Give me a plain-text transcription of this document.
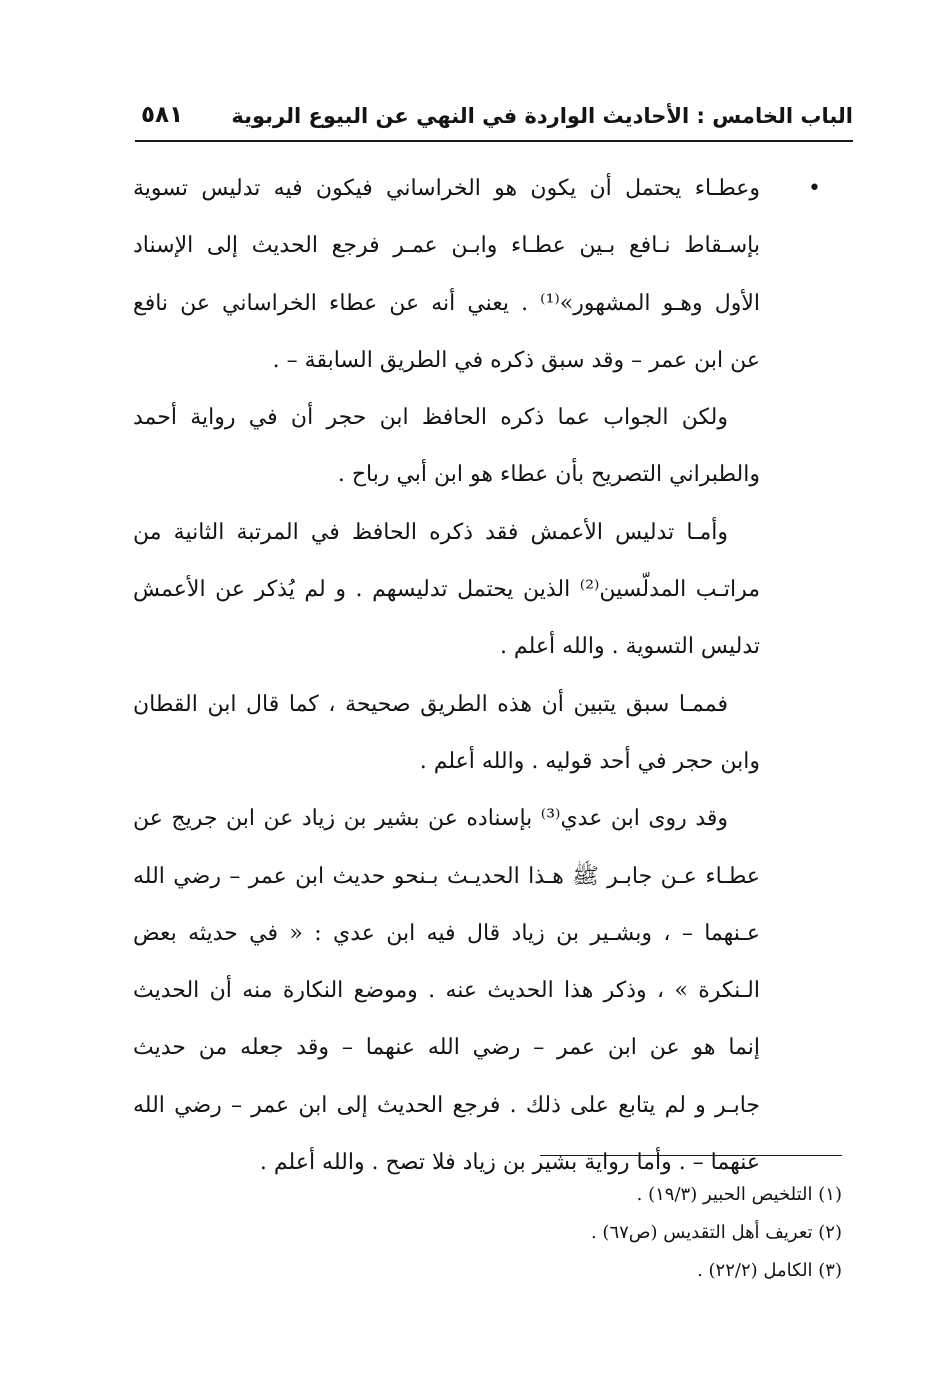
الباب الخامس : الأحاديث الواردة في النهي عن البيوع الربوية
٥٨١
•
وعطـاء يحتمل أن يكون هو الخراساني فيكون فيه تدليس تسوية
بإسـقاط نـافع بـين عطـاء وابـن عمـر فرجع الحديث إلى الإسناد
الأول وهـو المشهور»⁽¹⁾ . يعني أنه عن عطاء الخراساني عن نافع
عن ابن عمر – وقد سبق ذكره في الطريق السابقة – .
ولكن الجواب عما ذكره الحافظ ابن حجر أن في رواية أحمد
والطبراني التصريح بأن عطاء هو ابن أبي رباح .
وأمـا تدليس الأعمش فقد ذكره الحافظ في المرتبة الثانية من
مراتـب المدلّسين⁽²⁾ الذين يحتمل تدليسهم . و لم يُذكر عن الأعمش
تدليس التسوية . والله أعلم .
فممـا سبق يتبين أن هذه الطريق صحيحة ، كما قال ابن القطان
وابن حجر في أحد قوليه . والله أعلم .
وقد روى ابن عدي⁽³⁾ بإسناده عن بشير بن زياد عن ابن جريج عن
عطـاء عـن جابـر ﷺ هـذا الحديـث بـنحو حديث ابن عمر – رضي الله
عـنهما – ، وبشـير بن زياد قال فيه ابن عدي : « في حديثه بعض
الـنكرة » ، وذكر هذا الحديث عنه . وموضع النكارة منه أن الحديث
إنما هو عن ابن عمر – رضي الله عنهما – وقد جعله من حديث
جابـر و لم يتابع على ذلك . فرجع الحديث إلى ابن عمر – رضي الله
عنهما – . وأما رواية بشير بن زياد فلا تصح . والله أعلم .
(١) التلخيص الحبير (١٩/٣) .
(٢) تعريف أهل التقديس (ص٦٧) .
(٣) الكامل (٢٢/٢) .
